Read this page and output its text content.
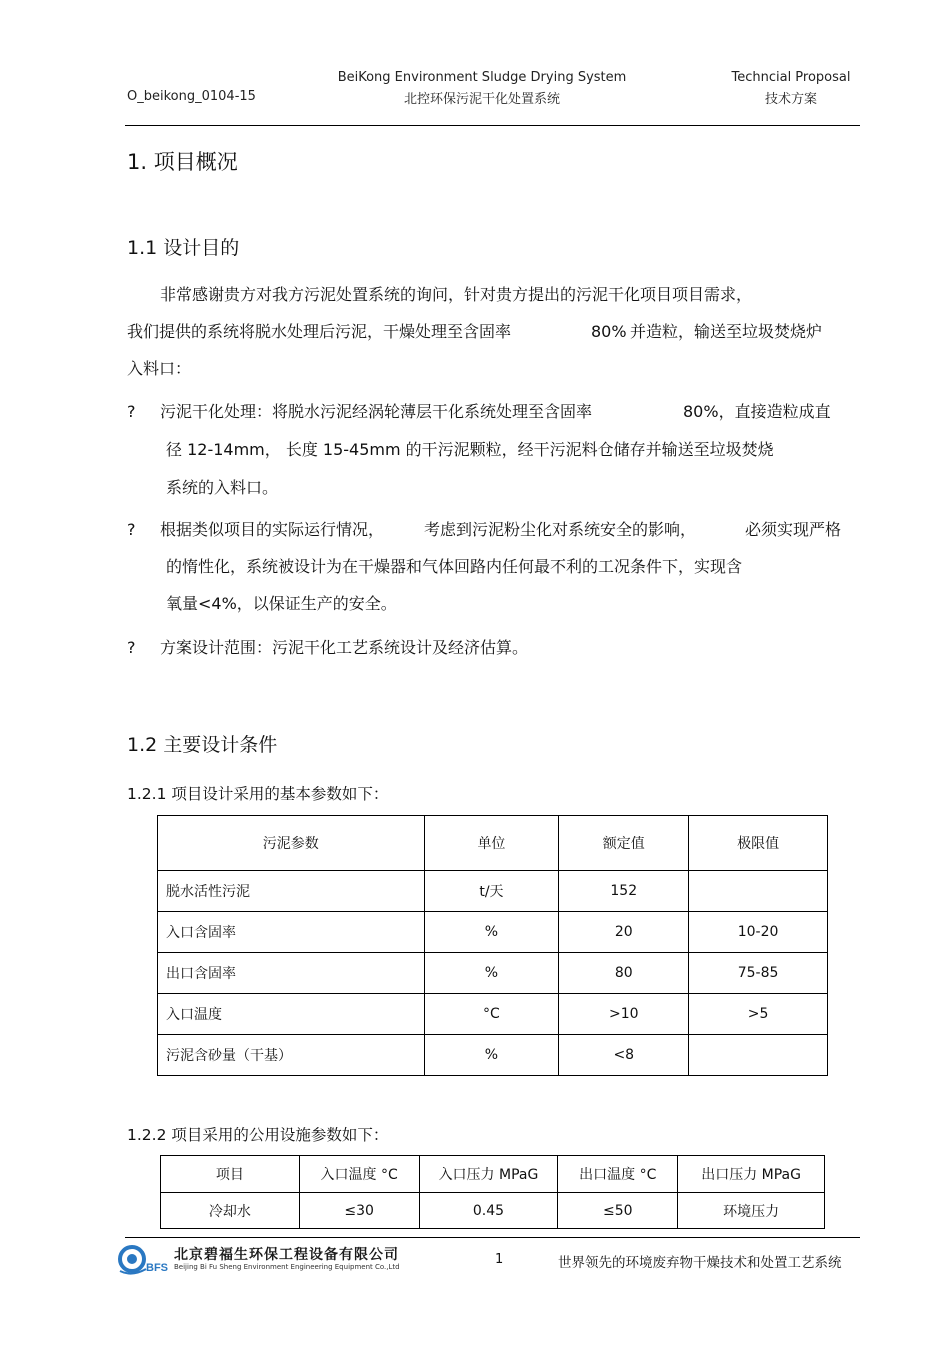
O_beikong_0104-15
BeiKong Environment Sludge Drying System
北控环保污泥干化处置系统
Techncial Proposal
技术方案
1. 项目概况
1.1 设计目的
非常感谢贵方对我方污泥处置系统的询问，针对贵方提出的污泥干化项目项目需求，
我们提供的系统将脱水处理后污泥，干燥处理至含固率	80% 并造粒，输送至垃圾焚烧炉
入料口：
? 污泥干化处理：将脱水污泥经涡轮薄层干化系统处理至含固率	80%，直接造粒成直
径 12-14mm， 长度 15-45mm 的干污泥颗粒，经干污泥料仓储存并输送至垃圾焚烧
系统的入料口。
? 根据类似项目的实际运行情况， 考虑到污泥粉尘化对系统安全的影响，	必须实现严格
的惰性化，系统被设计为在干燥器和气体回路内任何最不利的工况条件下，实现含
氧量<4%，以保证生产的安全。
? 方案设计范围：污泥干化工艺系统设计及经济估算。
1.2 主要设计条件
1.2.1 项目设计采用的基本参数如下：
污泥参数	单位	额定值	极限值
脱水活性污泥	t/天	152	
入口含固率	%	20	10-20
出口含固率	%	80	75-85
入口温度	°C	>10	>5
污泥含砂量（干基）	%	<8	
1.2.2 项目采用的公用设施参数如下：
项目	入口温度 °C	入口压力 MPaG	出口温度 °C	出口压力 MPaG
冷却水	≤30	0.45	≤50	环境压力
BFS
北京碧福生环保工程设备有限公司
Beijing Bi Fu Sheng Environment Engineering Equipment Co.,Ltd	1	世界领先的环境废弃物干燥技术和处置工艺系统
